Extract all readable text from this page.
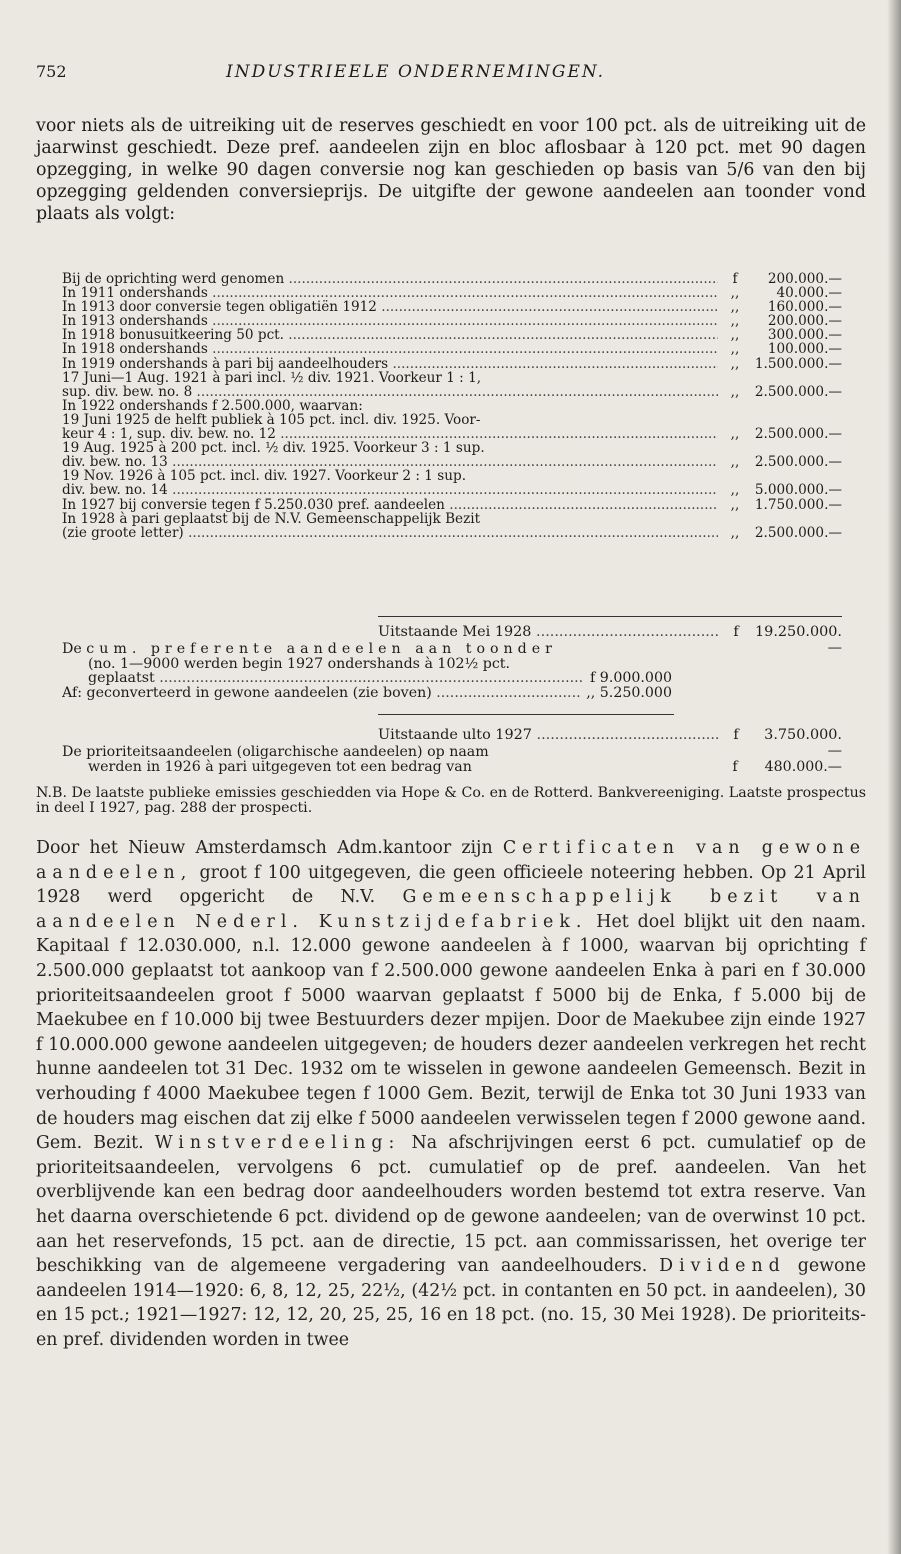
752	INDUSTRIEELE ONDERNEMINGEN.

voor niets als de uitreiking uit de reserves geschiedt en voor 100 pct. als de uitreiking uit de jaarwinst geschiedt. Deze pref. aandeelen zijn en bloc aflosbaar à 120 pct. met 90 dagen opzegging, in welke 90 dagen conversie nog kan geschieden op basis van 5/6 van den bij opzegging geldenden conversieprijs. De uitgifte der gewone aandeelen aan toonder vond plaats als volgt:

Bij de oprichting werd genomen .....	f	200.000.—
In 1911 ondershands .....	,,	40.000.—
In 1913 door conversie tegen obligatiën 1912 .....	,,	160.000.—
In 1913 ondershands .....	,,	200.000.—
In 1918 bonusuitkeering 50 pct. .....	,,	300.000.—
In 1918 ondershands .....	,,	100.000.—
In 1919 ondershands à pari bij aandeelhouders .....	,,	1.500.000.—
17 Juni—1 Aug. 1921 à pari incl. ½ div. 1921. Voorkeur 1 : 1,
sup. div. bew. no. 8 .....	,,	2.500.000.—
In 1922 ondershands f 2.500.000, waarvan:
19 Juni 1925 de helft publiek à 105 pct. incl. div. 1925. Voor-
keur 4 : 1, sup. div. bew. no. 12 .....	,,	2.500.000.—
19 Aug. 1925 à 200 pct. incl. ½ div. 1925. Voorkeur 3 : 1 sup.
div. bew. no. 13 .....	,,	2.500.000.—
19 Nov. 1926 à 105 pct. incl. div. 1927. Voorkeur 2 : 1 sup.
div. bew. no. 14 .....	,,	5.000.000.—
In 1927 bij conversie tegen f 5.250.030 pref. aandeelen .....	,,	1.750.000.—
In 1928 à pari geplaatst bij de N.V. Gemeenschappelijk Bezit
(zie groote letter) .....	,,	2.500.000.—
Uitstaande Mei 1928 .....	f	19.250.000.—
De cum. preferente aandeelen aan toonder
(no. 1—9000 werden begin 1927 ondershands à 102½ pct.
geplaatst .....	f 9.000.000
Af: geconverteerd in gewone aandeelen (zie boven) .....	,, 5.250.000
Uitstaande ulto 1927 .....	f	3.750.000.—
De prioriteitsaandeelen (oligarchische aandeelen) op naam
werden in 1926 à pari uitgegeven tot een bedrag van	f	480.000.—
N.B. De laatste publieke emissies geschiedden via Hope & Co. en de Rotterd. Bankvereeniging. Laatste prospectus in deel I 1927, pag. 288 der prospecti.
Door het Nieuw Amsterdamsch Adm.kantoor zijn Certificaten van gewone aandeelen, groot f 100 uitgegeven, die geen officieele noteering hebben. Op 21 April 1928 werd opgericht de N.V. Gemeenschappelijk bezit van aandeelen Nederl. Kunstzijdefabriek. Het doel blijkt uit den naam. Kapitaal f 12.030.000, n.l. 12.000 gewone aandeelen à f 1000, waarvan bij oprichting f 2.500.000 geplaatst tot aankoop van f 2.500.000 gewone aandeelen Enka à pari en f 30.000 prioriteitsaandeelen groot f 5000 waarvan geplaatst f 5000 bij de Enka, f 5.000 bij de Maekubee en f 10.000 bij twee Bestuurders dezer mpijen. Door de Maekubee zijn einde 1927 f 10.000.000 gewone aandeelen uitgegeven; de houders dezer aandeelen verkregen het recht hunne aandeelen tot 31 Dec. 1932 om te wisselen in gewone aandeelen Gemeensch. Bezit in verhouding f 4000 Maekubee tegen f 1000 Gem. Bezit, terwijl de Enka tot 30 Juni 1933 van de houders mag eischen dat zij elke f 5000 aandeelen verwisselen tegen f 2000 gewone aand. Gem. Bezit. Winstverdeeling: Na afschrijvingen eerst 6 pct. cumulatief op de prioriteitsaandeelen, vervolgens 6 pct. cumulatief op de pref. aandeelen. Van het overblijvende kan een bedrag door aandeelhouders worden bestemd tot extra reserve. Van het daarna overschietende 6 pct. dividend op de gewone aandeelen; van de overwinst 10 pct. aan het reservefonds, 15 pct. aan de directie, 15 pct. aan commissarissen, het overige ter beschikking van de algemeene vergadering van aandeelhouders. Dividend gewone aandeelen 1914—1920: 6, 8, 12, 25, 22½, (42½ pct. in contanten en 50 pct. in aandeelen), 30 en 15 pct.; 1921—1927: 12, 12, 20, 25, 25, 16 en 18 pct. (no. 15, 30 Mei 1928). De prioriteits- en pref. dividenden worden in twee
